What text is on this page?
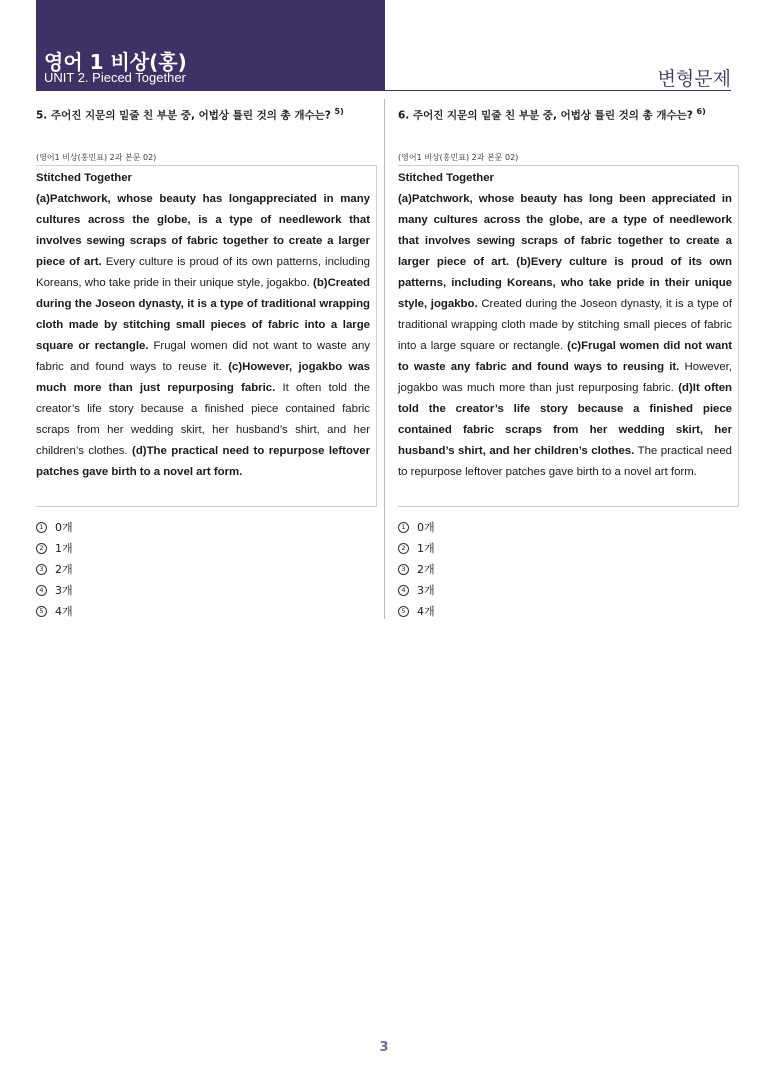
영어 1 비상(홍)
UNIT 2. Pieced Together	변형문제
5. 주어진 지문의 밑줄 친 부분 중, 어법상 틀린 것의 총 개수는? $^{5)}$
(영어1 비상(홍민표) 2과 본문 02)
Stitched Together
(a)Patchwork, whose beauty has longappreciated in many cultures across the globe, is a type of needlework that involves sewing scraps of fabric together to create a larger piece of art. Every culture is proud of its own patterns, including Koreans, who take pride in their unique style, jogakbo. (b)Created during the Joseon dynasty, it is a type of traditional wrapping cloth made by stitching small pieces of fabric into a large square or rectangle. Frugal women did not want to waste any fabric and found ways to reuse it. (c)However, jogakbo was much more than just repurposing fabric. It often told the creator’s life story because a finished piece contained fabric scraps from her wedding skirt, her husband’s shirt, and her children’s clothes. (d)The practical need to repurpose leftover patches gave birth to a novel art form.
1	0개
2	1개
3	2개
4	3개
5	4개
6. 주어진 지문의 밑줄 친 부분 중, 어법상 틀린 것의 총 개수는? $^{6)}$
(영어1 비상(홍민표) 2과 본문 02)
Stitched Together
(a)Patchwork, whose beauty has long been appreciated in many cultures across the globe, are a type of needlework that involves sewing scraps of fabric together to create a larger piece of art. (b)Every culture is proud of its own patterns, including Koreans, who take pride in their unique style, jogakbo. Created during the Joseon dynasty, it is a type of traditional wrapping cloth made by stitching small pieces of fabric into a large square or rectangle. (c)Frugal women did not want to waste any fabric and found ways to reusing it. However, jogakbo was much more than just repurposing fabric. (d)It often told the creator’s life story because a finished piece contained fabric scraps from her wedding skirt, her husband’s shirt, and her children’s clothes. The practical need to repurpose leftover patches gave birth to a novel art form.
1	0개
2	1개
3	2개
4	3개
5	4개
3
